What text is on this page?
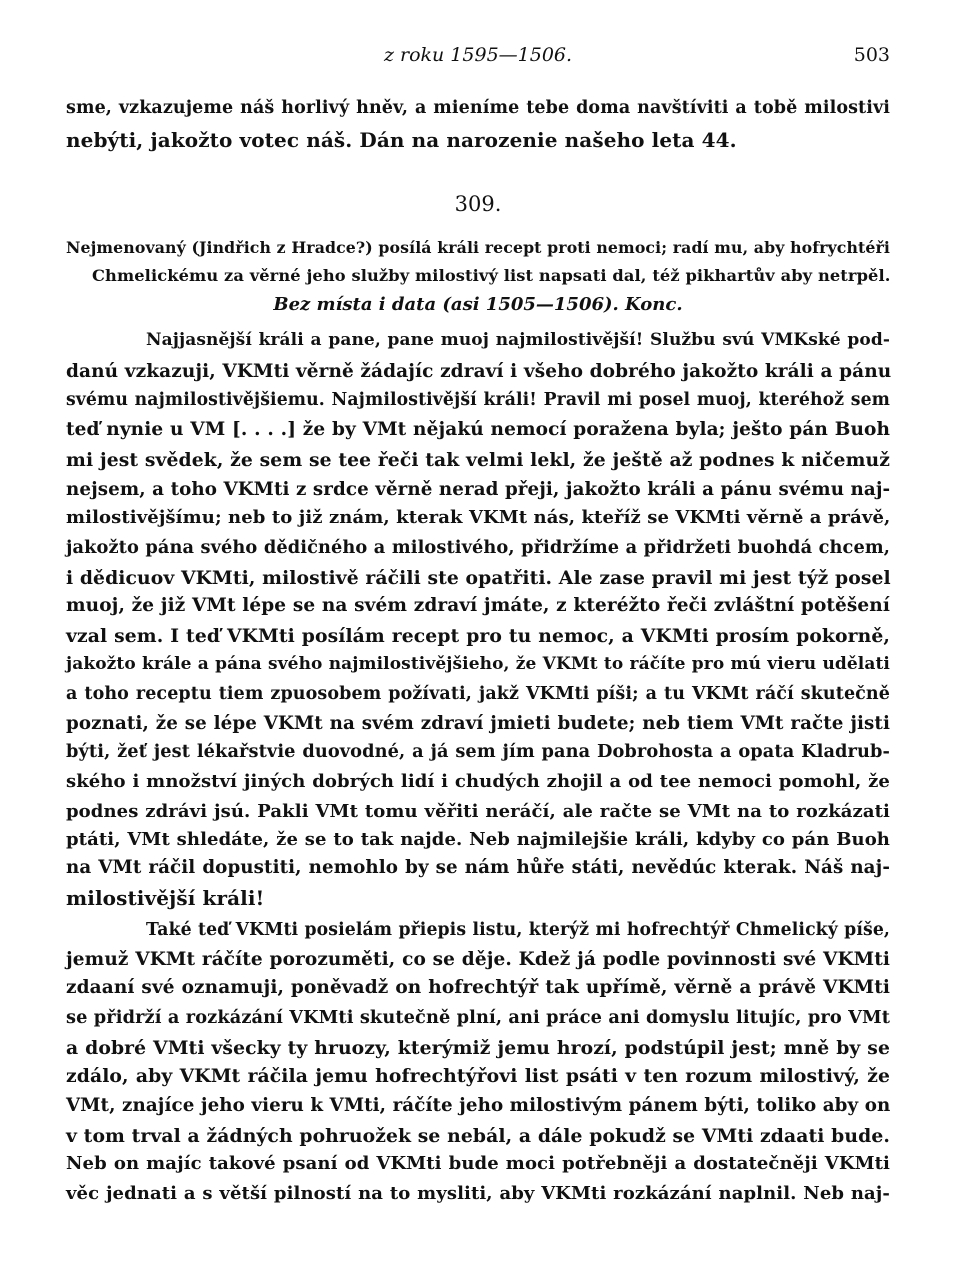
z roku 1595—1506.	503
sme, vzkazujeme náš horlivý hněv, a mieníme tebe doma navštíviti a tobě milostivi
nebýti, jakožto votec náš. Dán na narozenie našeho leta 44.
309.
Nejmenovaný (Jindřich z Hradce?) posílá králi recept proti nemoci; radí mu, aby hofrychtéři
Chmelickému za věrné jeho služby milostivý list napsati dal, též pikhartův aby netrpěl.
Bez místa i data (asi 1505—1506). Konc.
Najjasnější králi a pane, pane muoj najmilostivější! Službu svú VMKské pod-
danú vzkazuji, VKMti věrně žádajíc zdraví i všeho dobrého jakožto králi a pánu
svému najmilostivějšiemu. Najmilostivější králi! Pravil mi posel muoj, kteréhož sem
teď nynie u VM [. . . .] že by VMt nějakú nemocí poražena byla; ješto pán Buoh
mi jest svědek, že sem se tee řeči tak velmi lekl, že ještě až podnes k ničemuž
nejsem, a toho VKMti z srdce věrně nerad přeji, jakožto králi a pánu svému naj-
milostivějšímu; neb to již znám, kterak VKMt nás, kteříž se VKMti věrně a právě,
jakožto pána svého dědičného a milostivého, přidržíme a přidržeti buohdá chcem,
i dědicuov VKMti, milostivě ráčili ste opatřiti. Ale zase pravil mi jest týž posel
muoj, že již VMt lépe se na svém zdraví jmáte, z kteréžto řeči zvláštní potěšení
vzal sem. I teď VKMti posílám recept pro tu nemoc, a VKMti prosím pokorně,
jakožto krále a pána svého najmilostivějšieho, že VKMt to ráčíte pro mú vieru udělati
a toho receptu tiem zpuosobem požívati, jakž VKMti píši; a tu VKMt ráčí skutečně
poznati, že se lépe VKMt na svém zdraví jmieti budete; neb tiem VMt račte jisti
býti, žeť jest lékařstvie duovodné, a já sem jím pana Dobrohosta a opata Kladrub-
ského i množství jiných dobrých lidí i chudých zhojil a od tee nemoci pomohl, že
podnes zdrávi jsú. Pakli VMt tomu věřiti neráčí, ale račte se VMt na to rozkázati
ptáti, VMt shledáte, že se to tak najde. Neb najmilejšie králi, kdyby co pán Buoh
na VMt ráčil dopustiti, nemohlo by se nám hůře státi, nevědúc kterak. Náš naj-
milostivější králi!
Také teď VKMti posielám přiepis listu, kterýž mi hofrechtýř Chmelický píše,
jemuž VKMt ráčíte porozuměti, co se děje. Kdež já podle povinnosti své VKMti
zdaaní své oznamuji, poněvadž on hofrechtýř tak upřímě, věrně a právě VKMti
se přidrží a rozkázání VKMti skutečně plní, ani práce ani domyslu litujíc, pro VMt
a dobré VMti všecky ty hruozy, kterýmiž jemu hrozí, podstúpil jest; mně by se
zdálo, aby VKMt ráčila jemu hofrechtýřovi list psáti v ten rozum milostivý, že
VMt, znajíce jeho vieru k VMti, ráčíte jeho milostivým pánem býti, toliko aby on
v tom trval a žádných pohruožek se nebál, a dále pokudž se VMti zdaati bude.
Neb on majíc takové psaní od VKMti bude moci potřebněji a dostatečněji VKMti
věc jednati a s větší pilností na to mysliti, aby VKMti rozkázání naplnil. Neb naj-
